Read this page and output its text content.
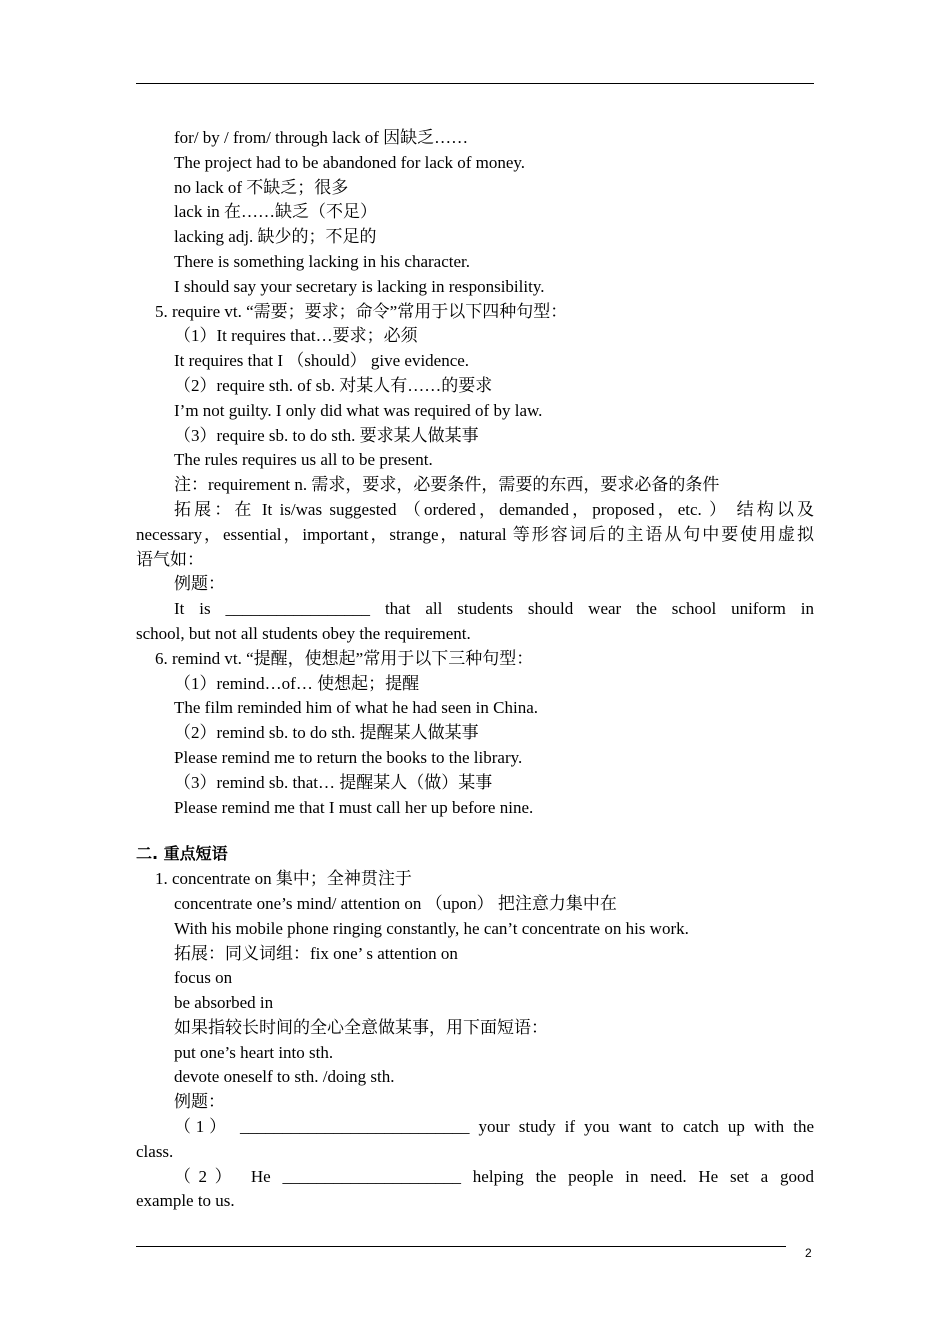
for/ by / from/ through lack of 因缺乏……

The project had to be abandoned for lack of money.

no lack of 不缺乏；很多

lack in 在……缺乏（不足）

lacking adj. 缺少的；不足的

There is something lacking in his character.

I should say your secretary is lacking in responsibility.

5. require vt. “需要；要求；命令”常用于以下四种句型：

（1）It requires that…要求；必须

It requires that I （should） give evidence.

（2）require sth. of sb. 对某人有……的要求

I’m not guilty. I only did what was required of by law.

（3）require sb. to do sth. 要求某人做某事

The rules requires us all to be present.

注：requirement n. 需求，要求，必要条件，需要的东西，要求必备的条件

拓展：在 It is/was suggested （ordered，demanded，proposed，etc. ） 结构以及

necessary，essential，important，strange，natural 等形容词后的主语从句中要使用虚拟

语气如：

例题：

It is _________________ that all students should wear the school uniform in

school, but not all students obey the requirement.

6. remind vt. “提醒，使想起”常用于以下三种句型：

（1）remind…of… 使想起；提醒

The film reminded him of what he had seen in China.

（2）remind sb. to do sth. 提醒某人做某事

Please remind me to return the books to the library.

（3）remind sb. that… 提醒某人（做）某事

Please remind me that I must call her up before nine.

二. 重点短语

1. concentrate on 集中；全神贯注于

concentrate one’s mind/ attention on （upon） 把注意力集中在

With his mobile phone ringing constantly, he can’t concentrate on his work.

拓展：同义词组：fix one’ s attention on

focus on

be absorbed in

如果指较长时间的全心全意做某事，用下面短语：

put one’s heart into sth.

devote oneself to sth. /doing sth.

例题：

（1） ___________________________ your study if you want to catch up with the

class.

（2） He _____________________ helping the people in need. He set a good

example to us.

2
